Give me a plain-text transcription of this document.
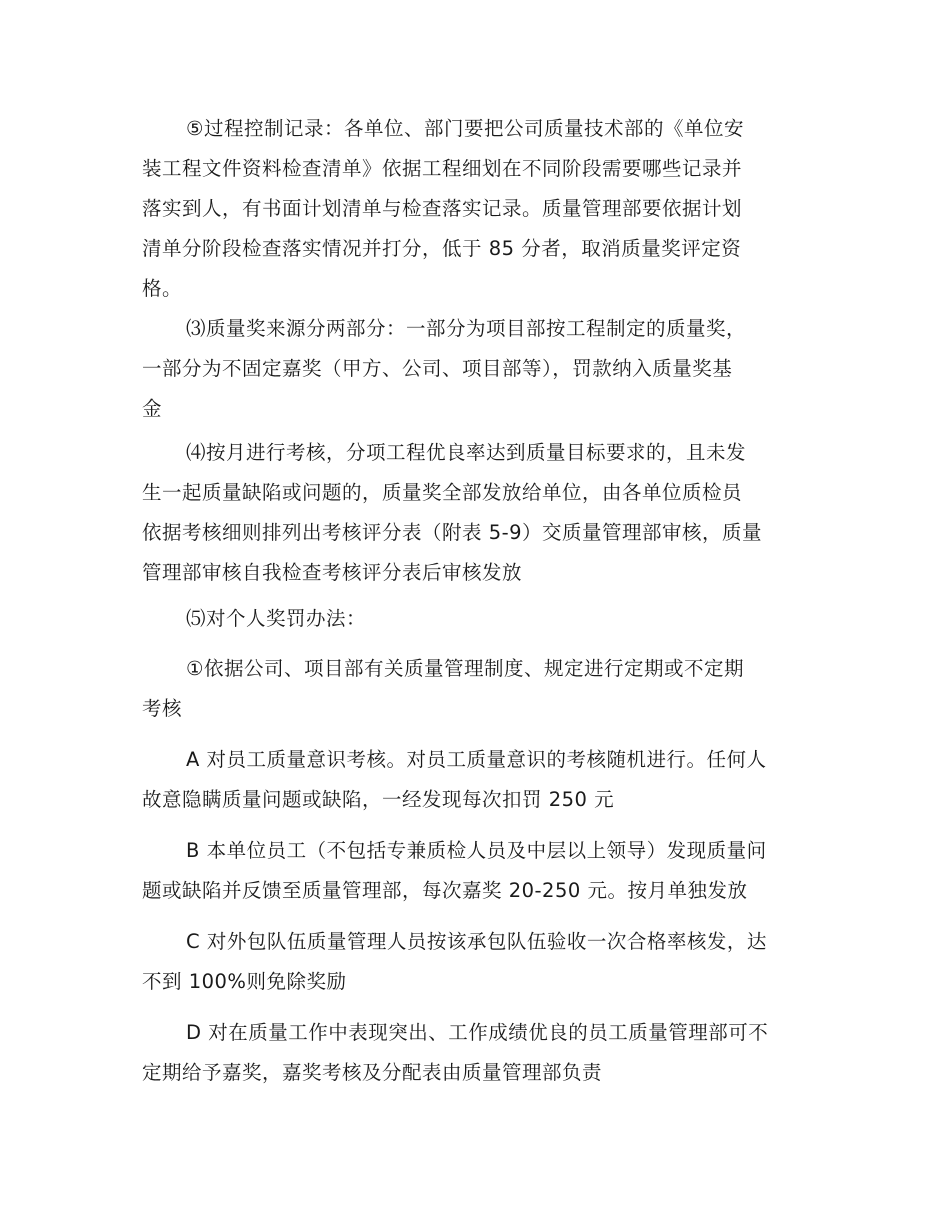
⑤过程控制记录：各单位、部门要把公司质量技术部的《单位安
装工程文件资料检查清单》依据工程细划在不同阶段需要哪些记录并
落实到人，有书面计划清单与检查落实记录。质量管理部要依据计划
清单分阶段检查落实情况并打分，低于 85 分者，取消质量奖评定资
格。
⑶质量奖来源分两部分：一部分为项目部按工程制定的质量奖，
一部分为不固定嘉奖（甲方、公司、项目部等），罚款纳入质量奖基
金
⑷按月进行考核，分项工程优良率达到质量目标要求的，且未发
生一起质量缺陷或问题的，质量奖全部发放给单位，由各单位质检员
依据考核细则排列出考核评分表（附表 5-9）交质量管理部审核，质量
管理部审核自我检查考核评分表后审核发放
⑸对个人奖罚办法：
①依据公司、项目部有关质量管理制度、规定进行定期或不定期
考核
A 对员工质量意识考核。对员工质量意识的考核随机进行。任何人
故意隐瞒质量问题或缺陷，一经发现每次扣罚 250 元
B 本单位员工（不包括专兼质检人员及中层以上领导）发现质量问
题或缺陷并反馈至质量管理部，每次嘉奖 20-250 元。按月单独发放
C 对外包队伍质量管理人员按该承包队伍验收一次合格率核发，达
不到 100%则免除奖励
D 对在质量工作中表现突出、工作成绩优良的员工质量管理部可不
定期给予嘉奖，嘉奖考核及分配表由质量管理部负责
